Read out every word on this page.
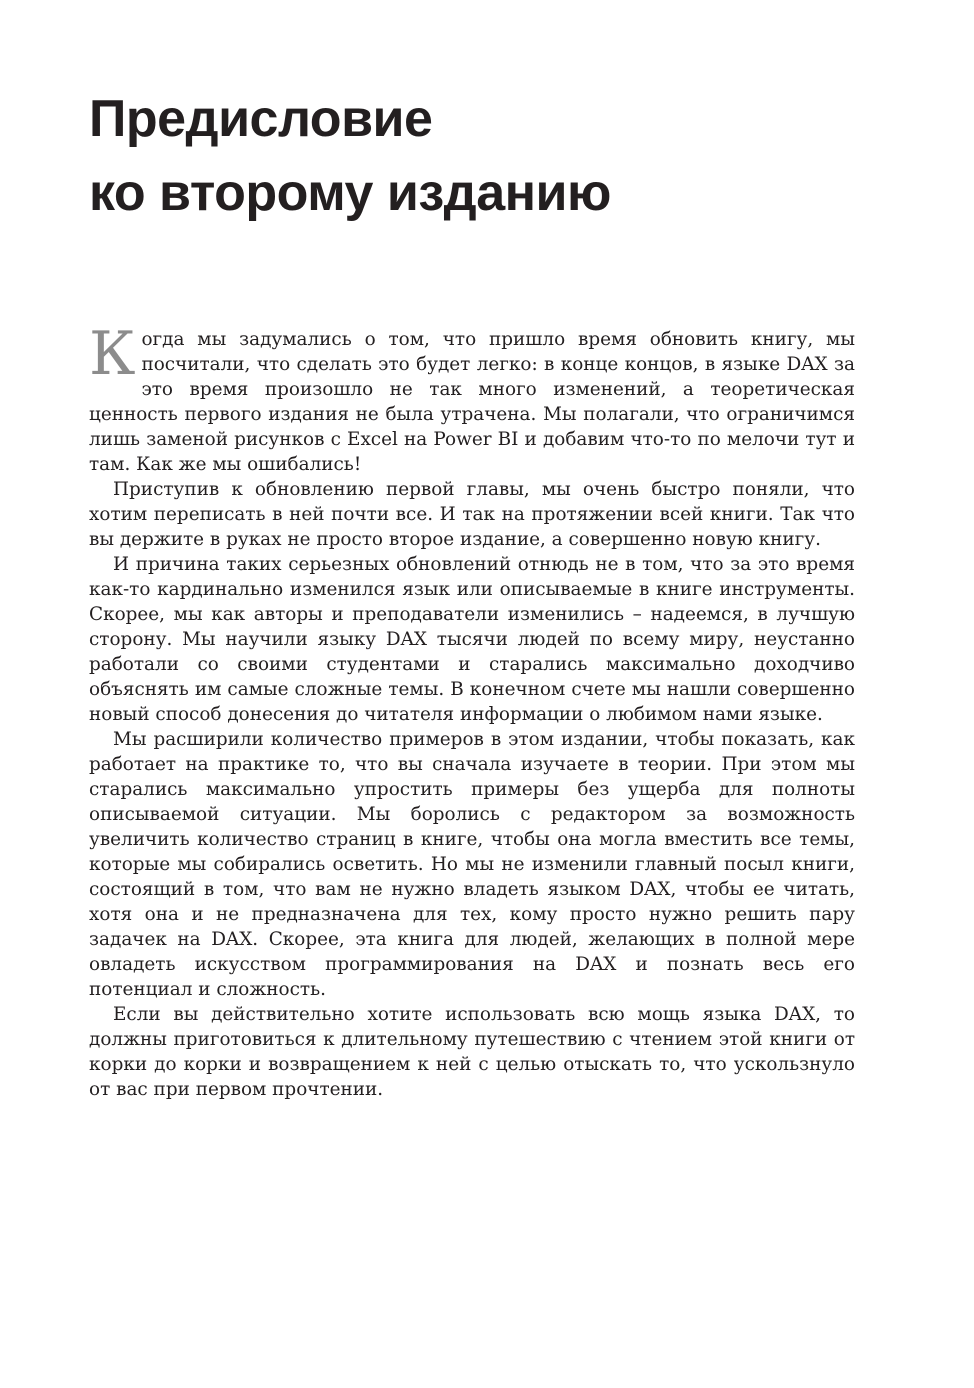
Предисловие
ко второму изданию

Когда мы задумались о том, что пришло время обновить книгу, мы посчитали, что сделать это будет легко: в конце концов, в языке DAX за это время произошло не так много изменений, а теоретическая ценность первого издания не была утрачена. Мы полагали, что ограничимся лишь заменой рисунков с Excel на Power BI и добавим что-то по мелочи тут и там. Как же мы ошибались!

Приступив к обновлению первой главы, мы очень быстро поняли, что хотим переписать в ней почти все. И так на протяжении всей книги. Так что вы держите в руках не просто второе издание, а совершенно новую книгу.

И причина таких серьезных обновлений отнюдь не в том, что за это время как-то кардинально изменился язык или описываемые в книге инструменты. Скорее, мы как авторы и преподаватели изменились – надеемся, в лучшую сторону. Мы научили языку DAX тысячи людей по всему миру, неустанно работали со своими студентами и старались максимально доходчиво объяснять им самые сложные темы. В конечном счете мы нашли совершенно новый способ донесения до читателя информации о любимом нами языке.

Мы расширили количество примеров в этом издании, чтобы показать, как работает на практике то, что вы сначала изучаете в теории. При этом мы старались максимально упростить примеры без ущерба для полноты описываемой ситуации. Мы боролись с редактором за возможность увеличить количество страниц в книге, чтобы она могла вместить все темы, которые мы собирались осветить. Но мы не изменили главный посыл книги, состоящий в том, что вам не нужно владеть языком DAX, чтобы ее читать, хотя она и не предназначена для тех, кому просто нужно решить пару задачек на DAX. Скорее, эта книга для людей, желающих в полной мере овладеть искусством программирования на DAX и познать весь его потенциал и сложность.

Если вы действительно хотите использовать всю мощь языка DAX, то должны приготовиться к длительному путешествию с чтением этой книги от корки до корки и возвращением к ней с целью отыскать то, что ускользнуло от вас при первом прочтении.
